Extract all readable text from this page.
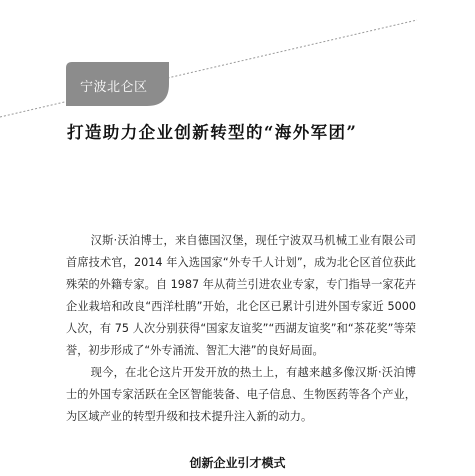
宁波北仑区
打造助力企业创新转型的“海外军团”

汉斯·沃泊博士，来自德国汉堡，现任宁波双马机械工业有限公司首席技术官，2014 年入选国家“外专千人计划”，成为北仑区首位获此殊荣的外籍专家。自 1987 年从荷兰引进农业专家，专门指导一家花卉企业栽培和改良“西洋杜鹃”开始，北仑区已累计引进外国专家近 5000 人次，有 75 人次分别获得“国家友谊奖”“西湖友谊奖”和“茶花奖”等荣誉，初步形成了“外专涌流、智汇大港”的良好局面。

现今，在北仑这片开发开放的热土上，有越来越多像汉斯·沃泊博士的外国专家活跃在全区智能装备、电子信息、生物医药等各个产业，为区域产业的转型升级和技术提升注入新的动力。

创新企业引才模式
